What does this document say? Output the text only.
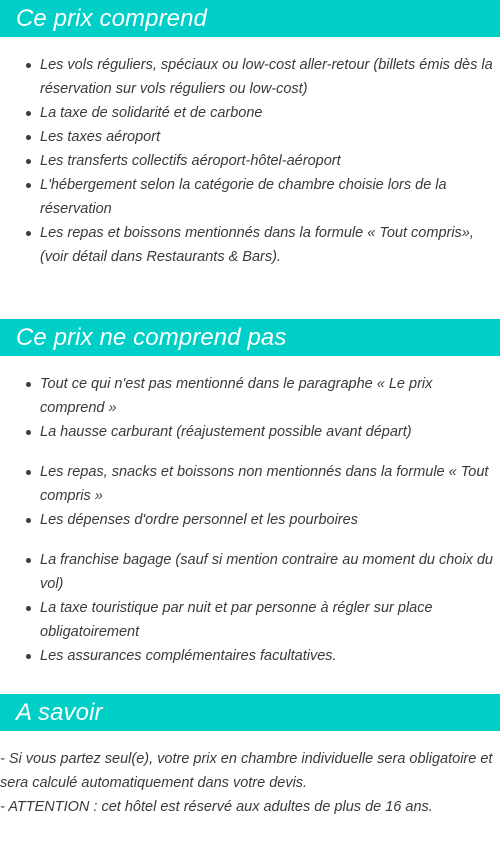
Ce prix comprend
Les vols réguliers, spéciaux ou low-cost aller-retour (billets émis dès la réservation sur vols réguliers ou low-cost)
La taxe de solidarité et de carbone
Les taxes aéroport
Les transferts collectifs aéroport-hôtel-aéroport
L'hébergement selon la catégorie de chambre choisie lors de la réservation
Les repas et boissons mentionnés dans la formule « Tout compris», (voir détail dans Restaurants & Bars).
Ce prix ne comprend pas
Tout ce qui n'est pas mentionné dans le paragraphe « Le prix comprend »
La hausse carburant (réajustement possible avant départ)
Les repas, snacks et boissons non mentionnés dans la formule « Tout compris »
Les dépenses d'ordre personnel et les pourboires
La franchise bagage (sauf si mention contraire au moment du choix du vol)
La taxe touristique par nuit et par personne à régler sur place obligatoirement
Les assurances complémentaires facultatives.
A savoir

- Si vous partez seul(e), votre prix en chambre individuelle sera obligatoire et sera calculé automatiquement dans votre devis.

- ATTENTION : cet hôtel est réservé aux adultes de plus de 16 ans.
